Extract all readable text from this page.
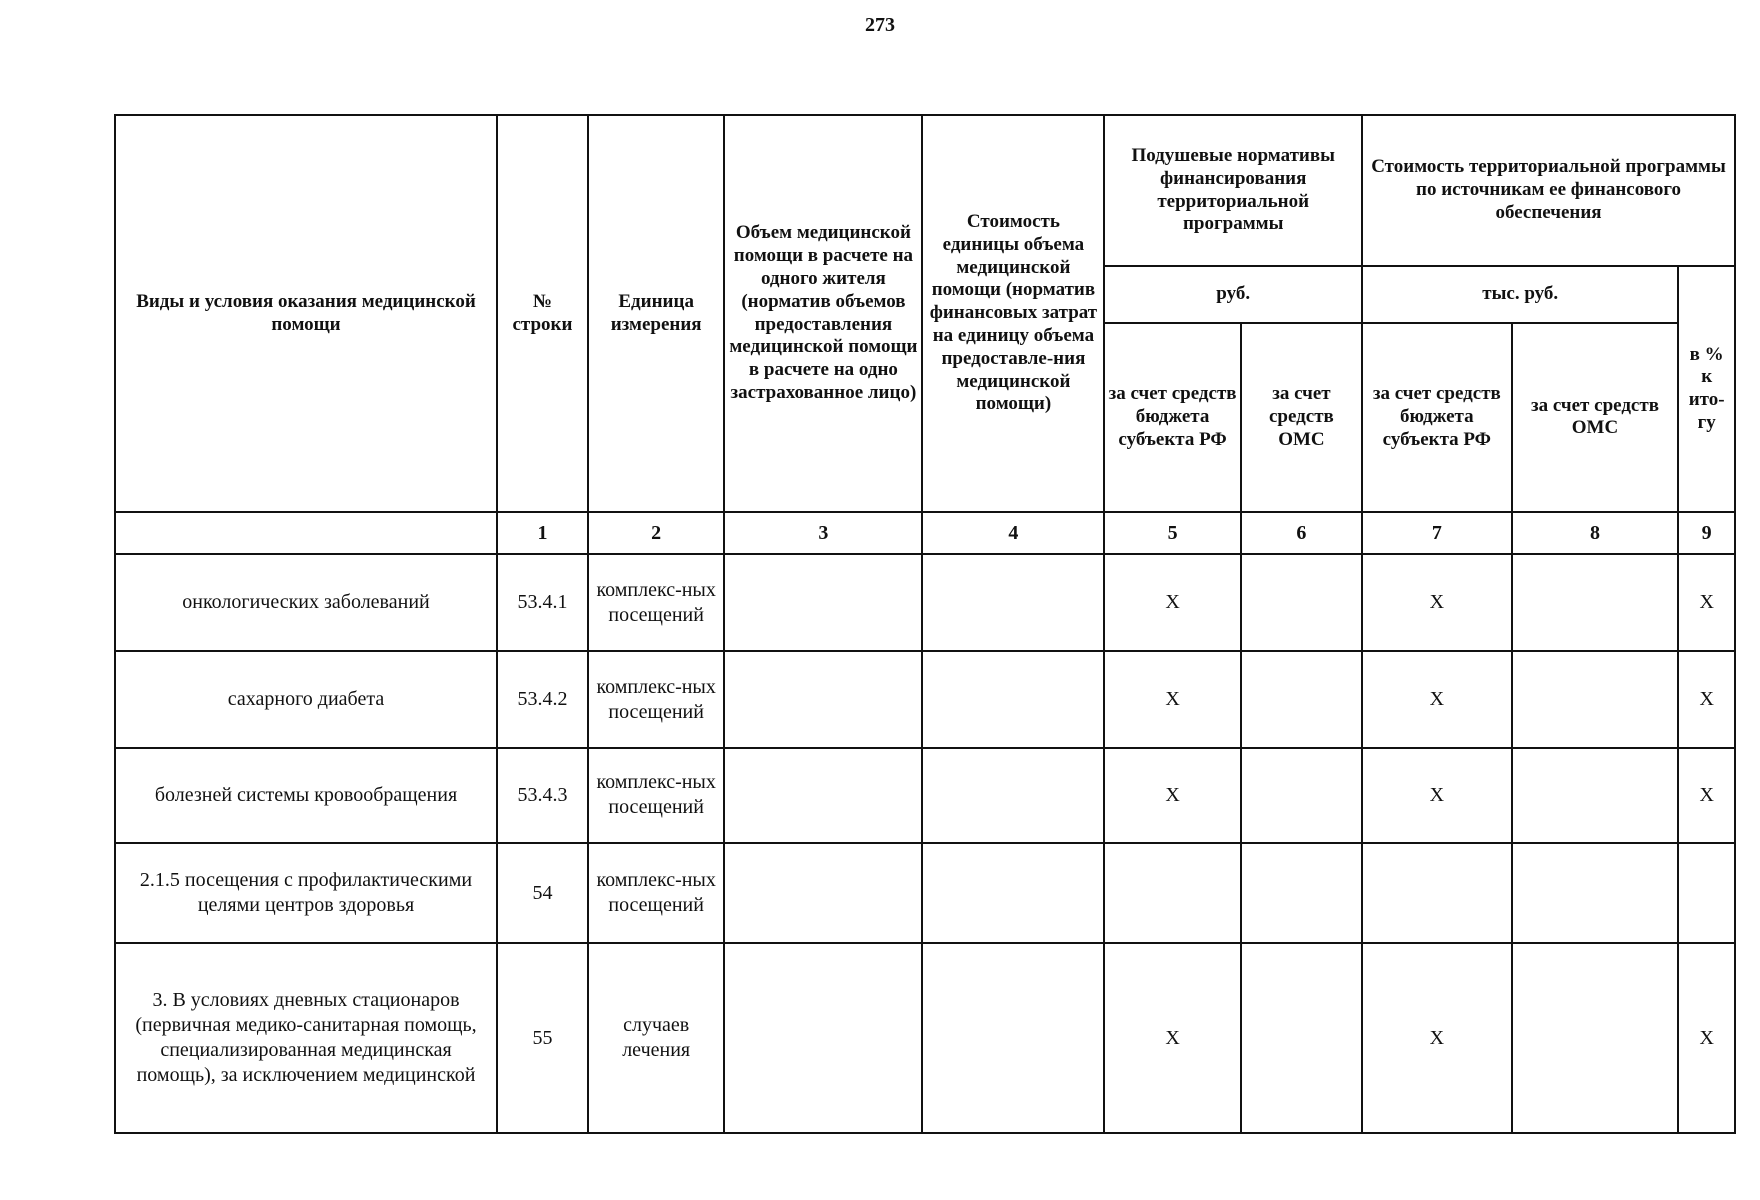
273
Виды и условия оказания медицинской помощи	№ строки	Единица измерения	Объем медицинской помощи в расчете на одного жителя (норматив объемов предоставления медицинской помощи в расчете на одно застрахованное лицо)	Стоимость единицы объема медицинской помощи (норматив финансовых затрат на единицу объема предоставле-ния медицинской помощи)	Подушевые нормативы финансирования территориальной программы		Стоимость территориальной программы по источникам ее финансового обеспечения		
					руб.		тыс. руб.		в % к ито-гу
					за счет средств бюджета субъекта РФ	за счет средств ОМС	за счет средств бюджета субъекта РФ	за счет средств ОМС	
	1	2	3	4	5	6	7	8	9
онкологических заболеваний	53.4.1	комплекс-ных посещений			X		X		X
сахарного диабета	53.4.2	комплекс-ных посещений			X		X		X
болезней системы кровообращения	53.4.3	комплекс-ных посещений			X		X		X
2.1.5 посещения с профилактическими целями центров здоровья	54	комплекс-ных посещений							
3. В условиях дневных стационаров (первичная медико-санитарная помощь, специализированная медицинская помощь), за исключением медицинской	55	случаев лечения			X		X		X
